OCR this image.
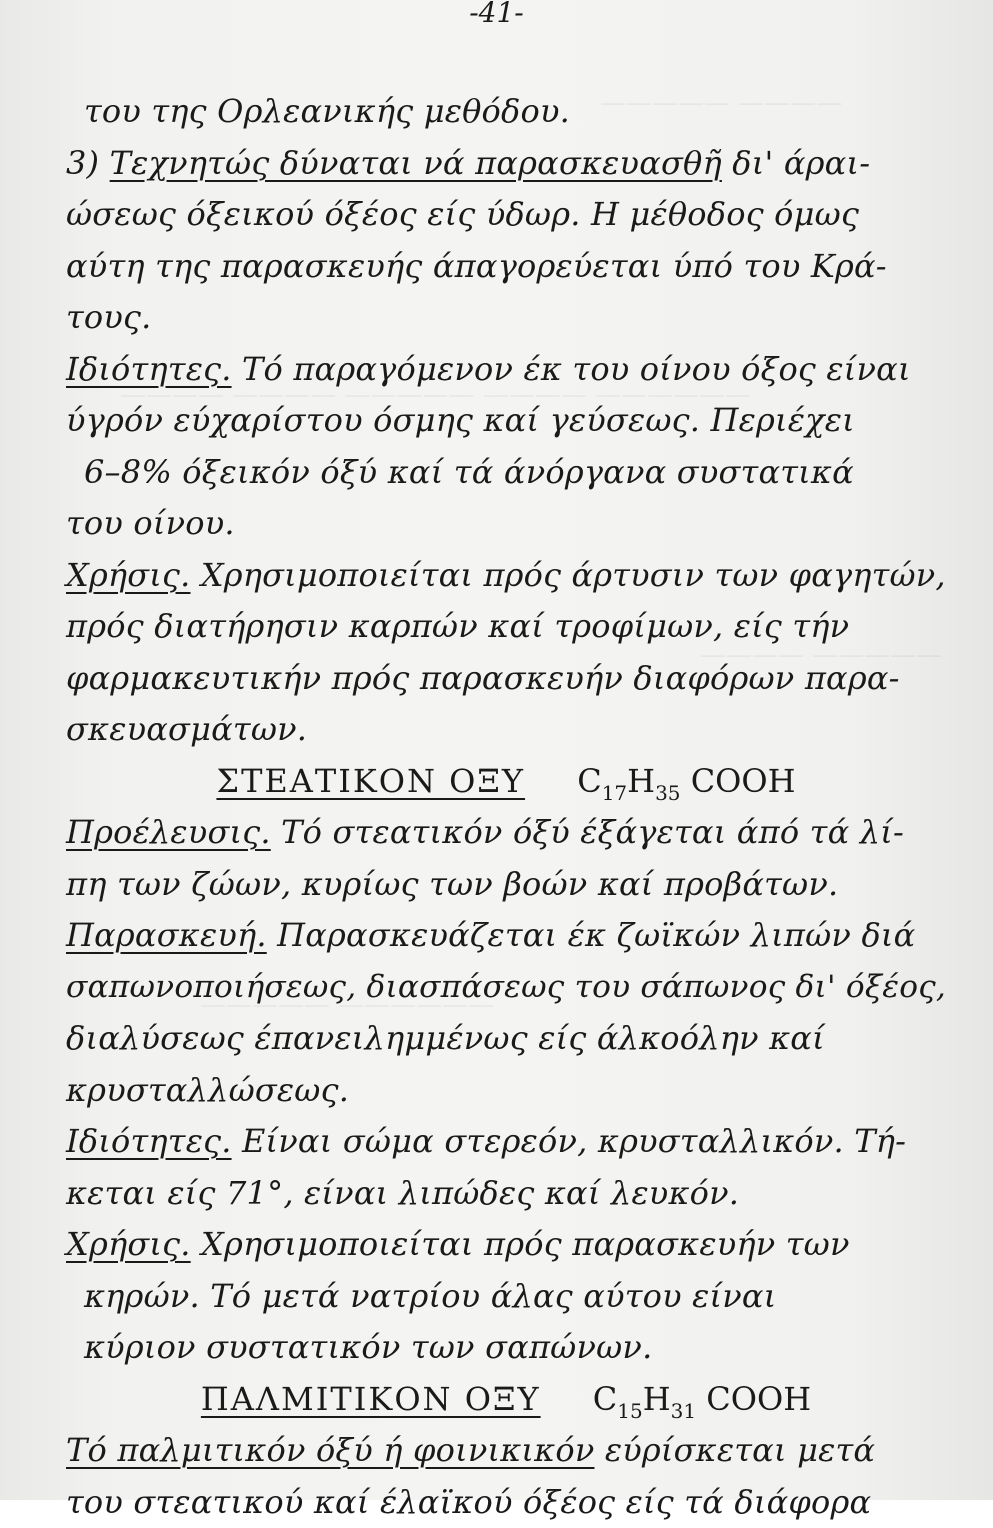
-41-
του της Ορλεανικής μεθόδου.
3) Τεχνητώς δύναται νά παρασκευασθῆ δι' άραι-
ώσεως όξεικού όξέος είς ύδωρ. Η μέθοδος όμως
αύτη της παρασκευής άπαγορεύεται ύπό του Κρά-
τους.
Ιδιότητες. Τό παραγόμενον έκ του οίνου όξος είναι
ύγρόν εύχαρίστου όσμης καί γεύσεως. Περιέχει
6–8% όξεικόν όξύ καί τά άνόργανα συστατικά
του οίνου.
Χρήσις. Χρησιμοποιείται πρός άρτυσιν των φαγητών,
πρός διατήρησιν καρπών καί τροφίμων, είς τήν
φαρμακευτικήν πρός παρασκευήν διαφόρων παρα-
σκευασμάτων.
ΣΤΕΑΤΙΚΟΝ ΟΞΥ $C_{17}H_{35}$ COOH
Προέλευσις. Τό στεατικόν όξύ έξάγεται άπό τά λί-
πη των ζώων, κυρίως των βοών καί προβάτων.
Παρασκευή. Παρασκευάζεται έκ ζωϊκών λιπών διά
σαπωνοποιήσεως, διασπάσεως του σάπωνος δι' όξέος,
διαλύσεως έπανειλημμένως είς άλκοόλην καί
κρυσταλλώσεως.
Ιδιότητες. Είναι σώμα στερεόν, κρυσταλλικόν. Τή-
κεται είς 71°, είναι λιπώδες καί λευκόν.
Χρήσις. Χρησιμοποιείται πρός παρασκευήν των
κηρών. Τό μετά νατρίου άλας αύτου είναι
κύριον συστατικόν των σαπώνων.
ΠΑΛΜΙΤΙΚΟΝ ΟΞΥ $C_{15}H_{31}$ COOH
Τό παλμιτικόν όξύ ή φοινικικόν εύρίσκεται μετά
του στεατικού καί έλαϊκού όξέος είς τά διάφορα
